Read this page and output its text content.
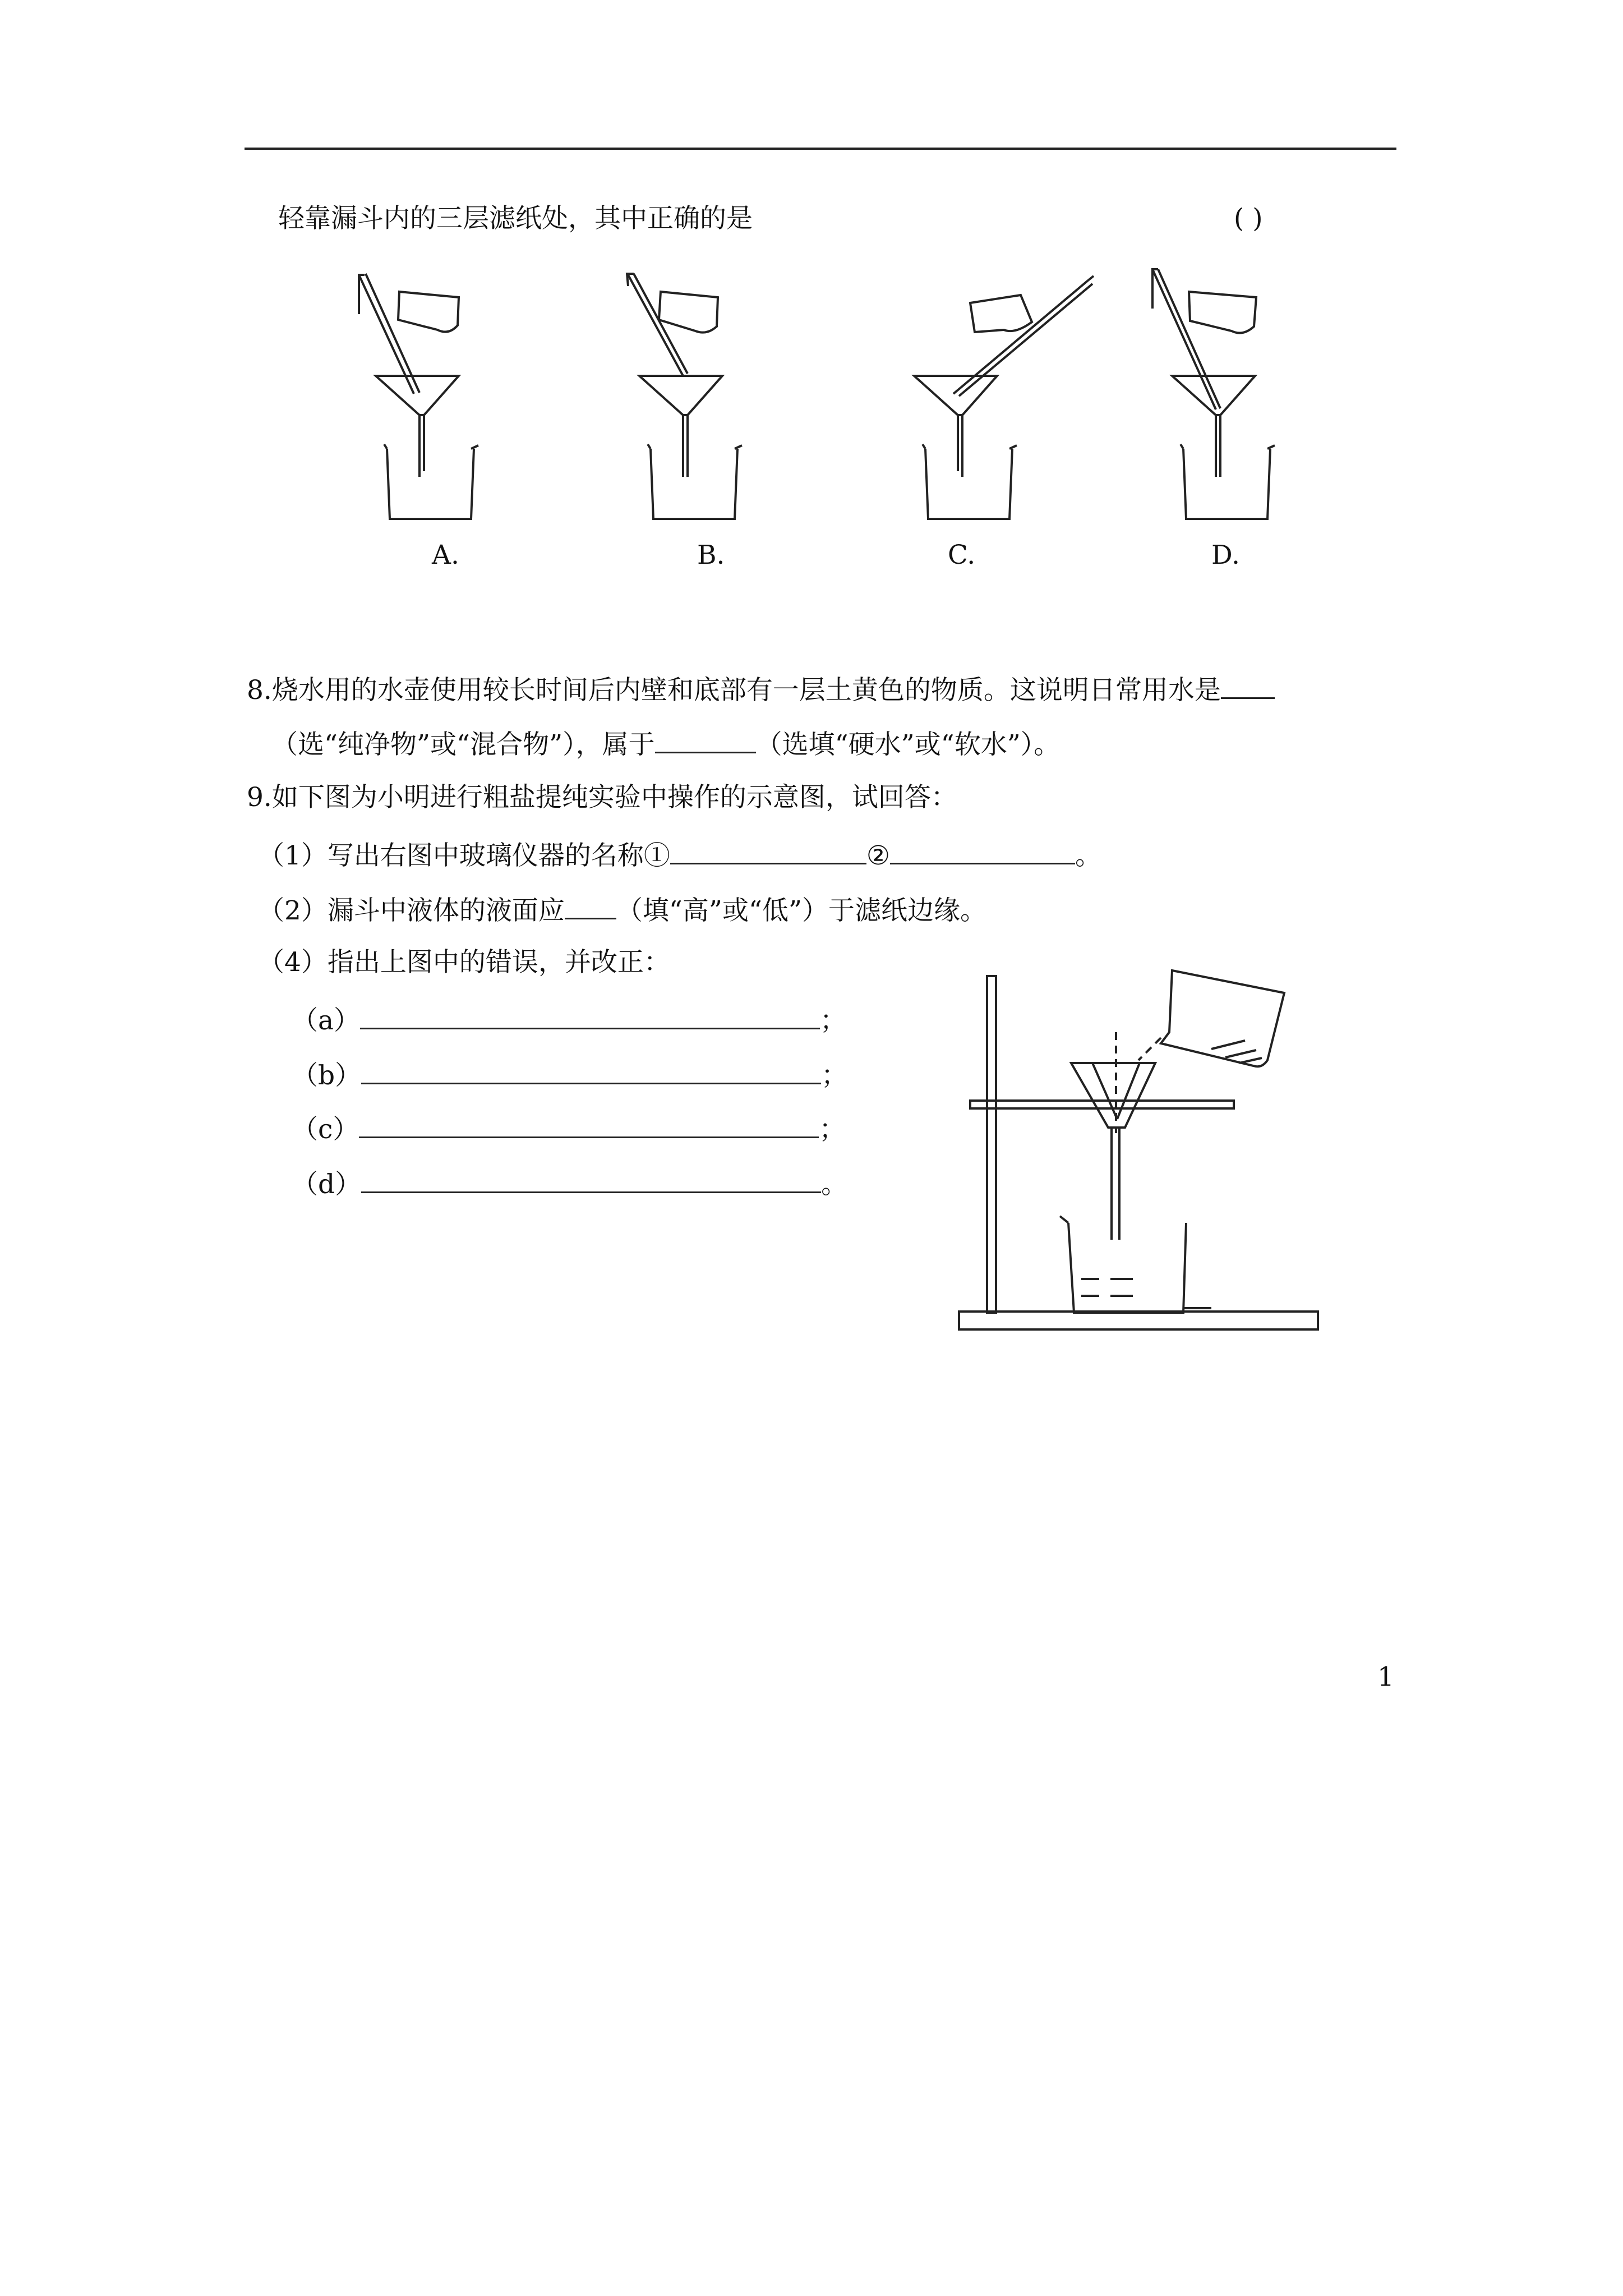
轻靠漏斗内的三层滤纸处，其中正确的是	( )
A.	B.	C.	D.
8.烧水用的水壶使用较长时间后内壁和底部有一层土黄色的物质。这说明日常用水是
（选“纯净物”或“混合物”），属于	（选填“硬水”或“软水”）。
9.如下图为小明进行粗盐提纯实验中操作的示意图，试回答：
（1）写出右图中玻璃仪器的名称①	②	。
（2）漏斗中液体的液面应 （填“高”或“低”）于滤纸边缘。
（4）指出上图中的错误，并改正：
（a）	；
（b）	；
（c）	；
（d）	。
1
